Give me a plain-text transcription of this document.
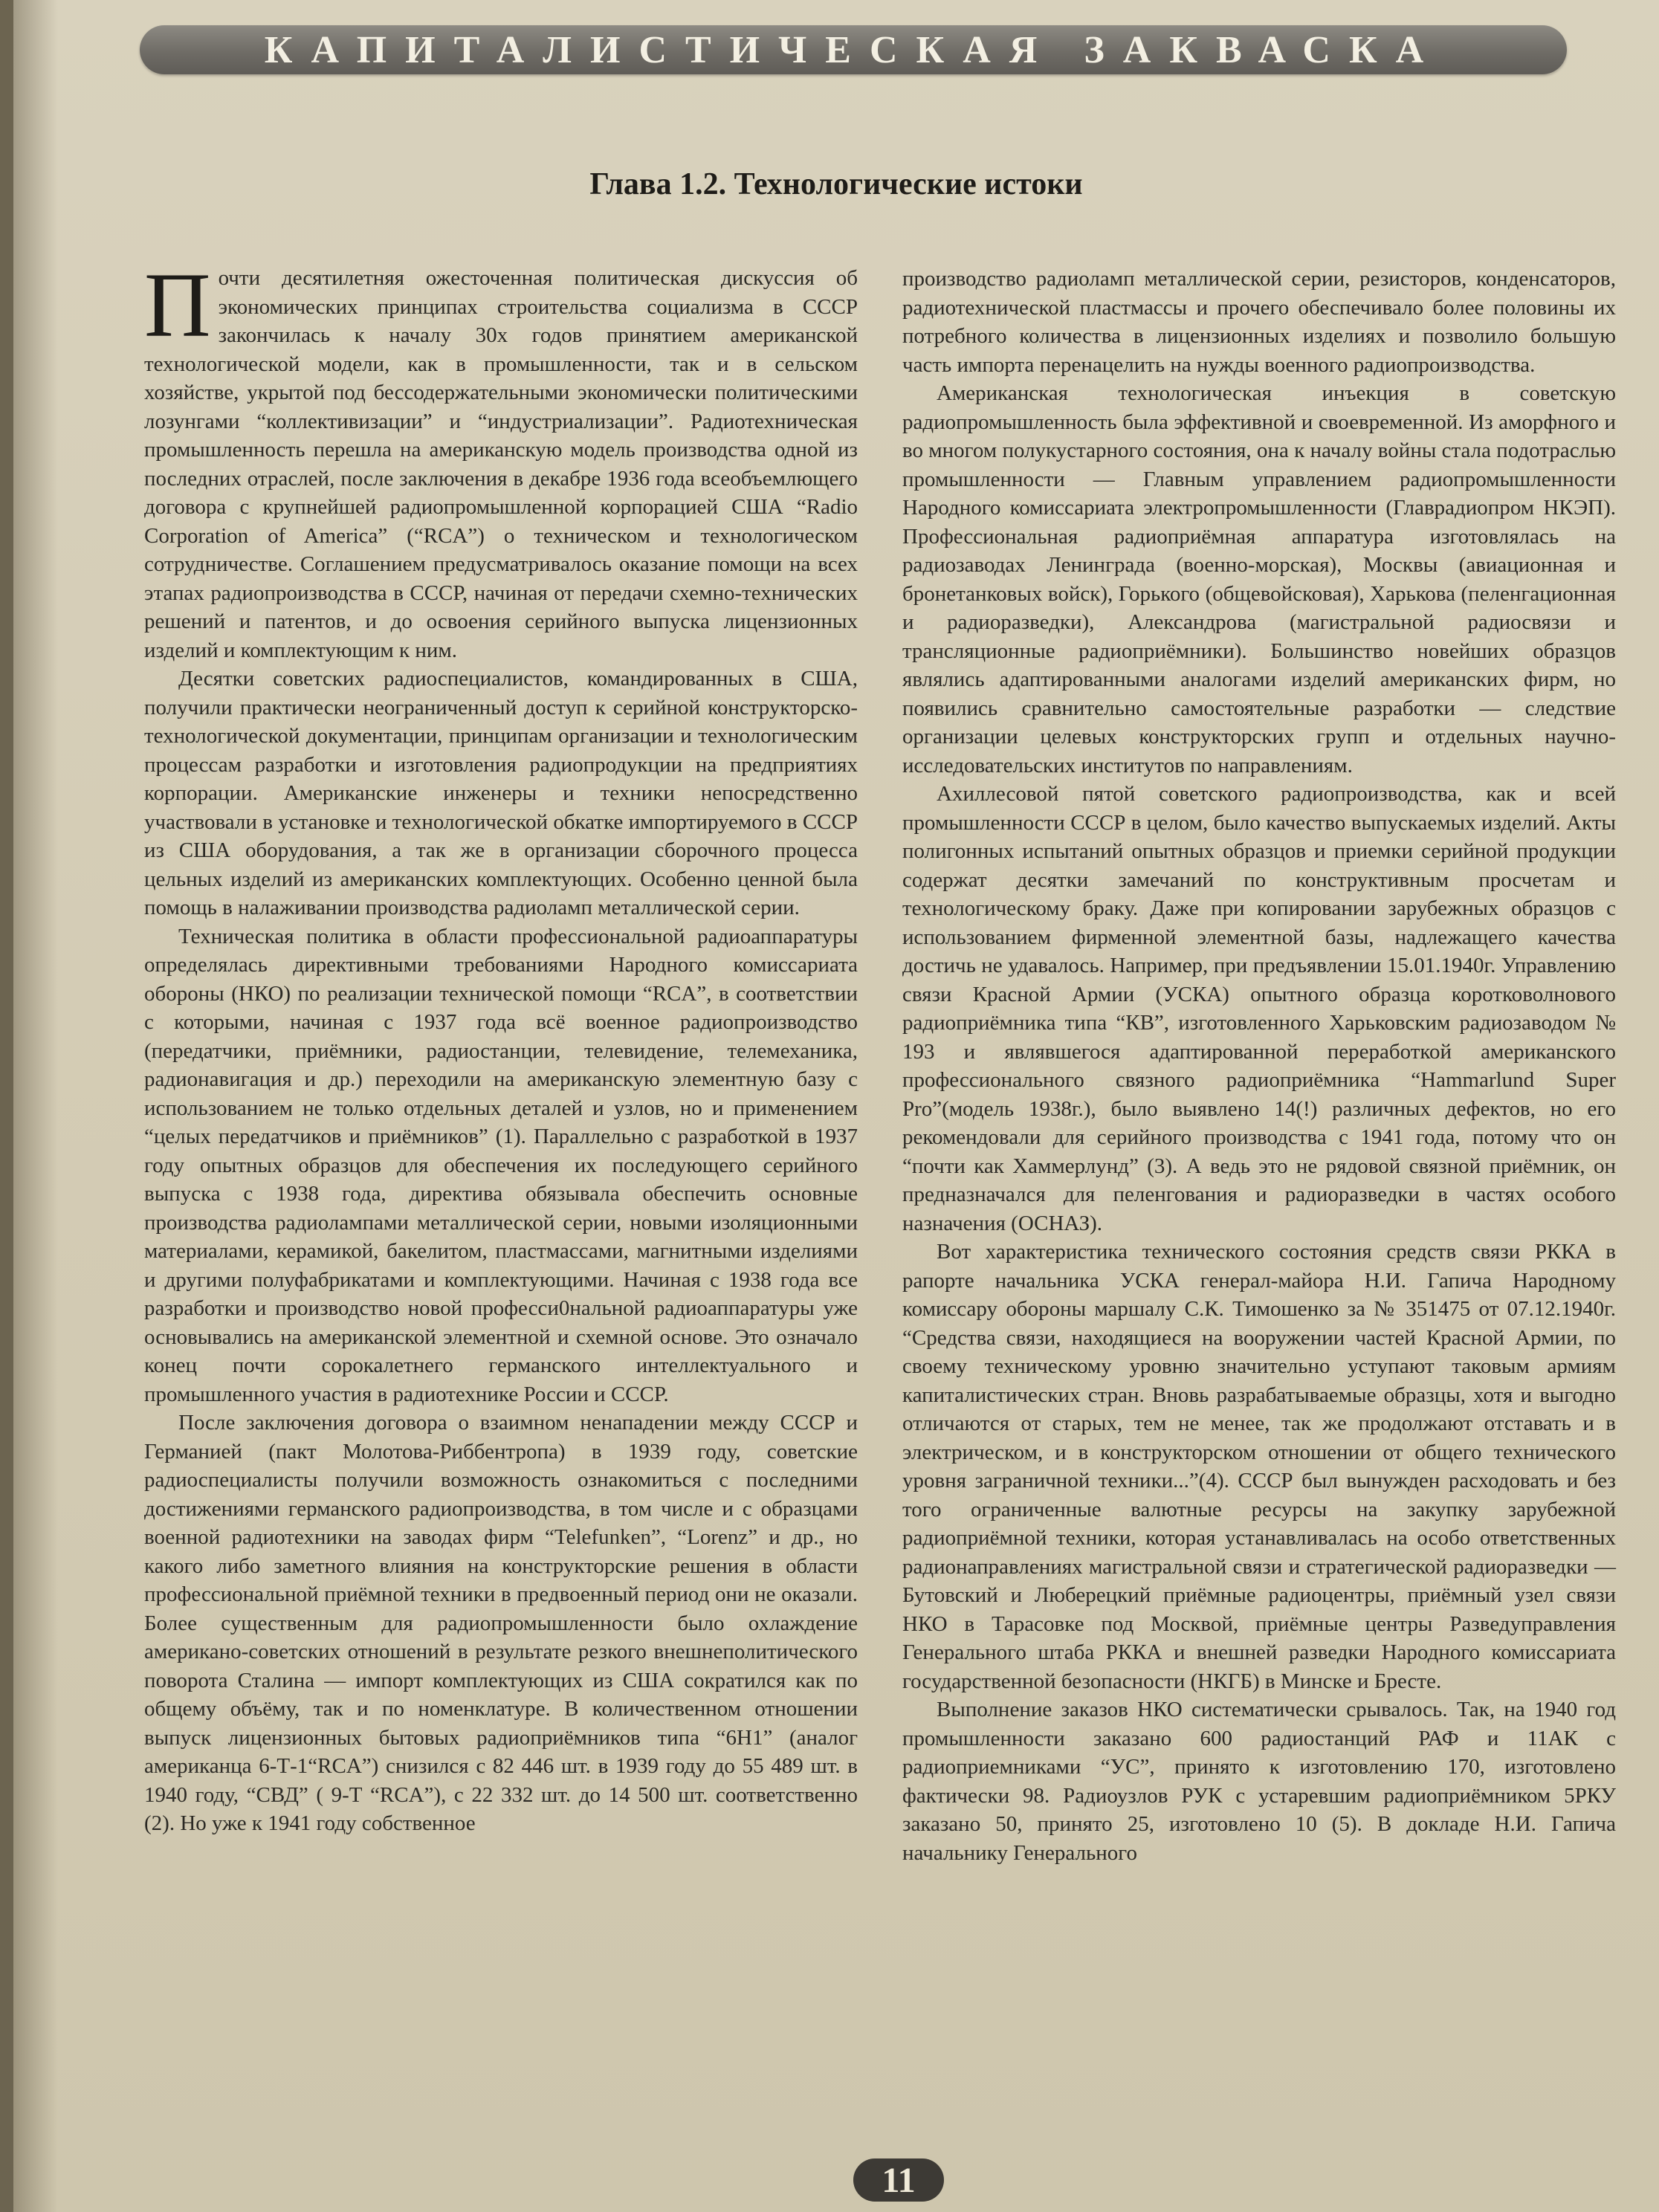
КАПИТАЛИСТИЧЕСКАЯ ЗАКВАСКА
Глава 1.2. Технологические истоки

Почти десятилетняя ожесточенная политическая дискуссия об экономических принципах строительства социализма в СССР закончилась к началу 30х годов принятием американской технологической модели, как в промышленности, так и в сельском хозяйстве, укрытой под бессодержательными экономически политическими лозунгами “коллективизации” и “индустриализации”. Радиотехническая промышленность перешла на американскую модель производства одной из последних отраслей, после заключения в декабре 1936 года всеобъемлющего договора с крупнейшей радиопромышленной корпорацией США “Radio Corporation of America” (“RCA”) о техническом и технологическом сотрудничестве. Соглашением предусматривалось оказание помощи на всех этапах радиопроизводства в СССР, начиная от передачи схемно-технических решений и патентов, и до освоения серийного выпуска лицензионных изделий и комплектующим к ним.

Десятки советских радиоспециалистов, командированных в США, получили практически неограниченный доступ к серийной конструкторско-технологической документации, принципам организации и технологическим процессам разработки и изготовления радиопродукции на предприятиях корпорации. Американские инженеры и техники непосредственно участвовали в установке и технологической обкатке импортируемого в СССР из США оборудования, а так же в организации сборочного процесса цельных изделий из американских комплектующих. Особенно ценной была помощь в налаживании производства радиоламп металлической серии.

Техническая политика в области профессиональной радиоаппаратуры определялась директивными требованиями Народного комиссариата обороны (НКО) по реализации технической помощи “RCA”, в соответствии с которыми, начиная с 1937 года всё военное радиопроизводство (передатчики, приёмники, радиостанции, телевидение, телемеханика, радионавигация и др.) переходили на американскую элементную базу с использованием не только отдельных деталей и узлов, но и применением “целых передатчиков и приёмников” (1). Параллельно с разработкой в 1937 году опытных образцов для обеспечения их последующего серийного выпуска с 1938 года, директива обязывала обеспечить основные производства радиолампами металлической серии, новыми изоляционными материалами, керамикой, бакелитом, пластмассами, магнитными изделиями и другими полуфабрикатами и комплектующими. Начиная с 1938 года все разработки и производство новой професси0нальной радиоаппаратуры уже основывались на американской элементной и схемной основе. Это означало конец почти сорокалетнего германского интеллектуального и промышленного участия в радиотехнике России и СССР.

После заключения договора о взаимном ненападении между СССР и Германией (пакт Молотова-Риббентропа) в 1939 году, советские радиоспециалисты получили возможность ознакомиться с последними достижениями германского радиопроизводства, в том числе и с образцами военной радиотехники на заводах фирм “Telefunken”, “Lorenz” и др., но какого либо заметного влияния на конструкторские решения в области профессиональной приёмной техники в предвоенный период они не оказали. Более существенным для радиопромышленности было охлаждение американо-советских отношений в результате резкого внешнеполитического поворота Сталина — импорт комплектующих из США сократился как по общему объёму, так и по номенклатуре. В количественном отношении выпуск лицензионных бытовых радиоприёмников типа “6Н1” (аналог американца 6-Т-1“RCA”) снизился с 82 446 шт. в 1939 году до 55 489 шт. в 1940 году, “СВД” ( 9-Т “RCA”), с 22 332 шт. до 14 500 шт. соответственно (2). Но уже к 1941 году собственное

производство радиоламп металлической серии, резисторов, конденсаторов, радиотехнической пластмассы и прочего обеспечивало более половины их потребного количества в лицензионных изделиях и позволило большую часть импорта перенацелить на нужды военного радиопроизводства.

Американская технологическая инъекция в советскую радиопромышленность была эффективной и своевременной. Из аморфного и во многом полукустарного состояния, она к началу войны стала подотраслью промышленности — Главным управлением радиопромышленности Народного комиссариата электропромышленности (Главрадиопром НКЭП). Профессиональная радиоприёмная аппаратура изготовлялась на радиозаводах Ленинграда (военно-морская), Москвы (авиационная и бронетанковых войск), Горького (общевойсковая), Харькова (пеленгационная и радиоразведки), Александрова (магистральной радиосвязи и трансляционные радиоприёмники). Большинство новейших образцов являлись адаптированными аналогами изделий американских фирм, но появились сравнительно самостоятельные разработки — следствие организации целевых конструкторских групп и отдельных научно-исследовательских институтов по направлениям.

Ахиллесовой пятой советского радиопроизводства, как и всей промышленности СССР в целом, было качество выпускаемых изделий. Акты полигонных испытаний опытных образцов и приемки серийной продукции содержат десятки замечаний по конструктивным просчетам и технологическому браку. Даже при копировании зарубежных образцов с использованием фирменной элементной базы, надлежащего качества достичь не удавалось. Например, при предъявлении 15.01.1940г. Управлению связи Красной Армии (УСКА) опытного образца коротковолнового радиоприёмника типа “КВ”, изготовленного Харьковским радиозаводом № 193 и являвшегося адаптированной переработкой американского профессионального связного радиоприёмника “Hammarlund Super Pro”(модель 1938г.), было выявлено 14(!) различных дефектов, но его рекомендовали для серийного производства с 1941 года, потому что он “почти как Хаммерлунд” (3). А ведь это не рядовой связной приёмник, он предназначался для пеленгования и радиоразведки в частях особого назначения (ОСНАЗ).

Вот характеристика технического состояния средств связи РККА в рапорте начальника УСКА генерал-майора Н.И. Гапича Народному комиссару обороны маршалу С.К. Тимошенко за № 351475 от 07.12.1940г. “Средства связи, находящиеся на вооружении частей Красной Армии, по своему техническому уровню значительно уступают таковым армиям капиталистических стран. Вновь разрабатываемые образцы, хотя и выгодно отличаются от старых, тем не менее, так же продолжают отставать и в электрическом, и в конструкторском отношении от общего технического уровня заграничной техники...”(4). СССР был вынужден расходовать и без того ограниченные валютные ресурсы на закупку зарубежной радиоприёмной техники, которая устанавливалась на особо ответственных радионаправлениях магистральной связи и стратегической радиоразведки — Бутовский и Люберецкий приёмные радиоцентры, приёмный узел связи НКО в Тарасовке под Москвой, приёмные центры Разведуправления Генерального штаба РККА и внешней разведки Народного комиссариата государственной безопасности (НКГБ) в Минске и Бресте.

Выполнение заказов НКО систематически срывалось. Так, на 1940 год промышленности заказано 600 радиостанций РАФ и 11АК с радиоприемниками “УС”, принято к изготовлению 170, изготовлено фактически 98. Радиоузлов РУК с устаревшим радиоприёмником 5РКУ заказано 50, принято 25, изготовлено 10 (5). В докладе Н.И. Гапича начальнику Генерального

11
